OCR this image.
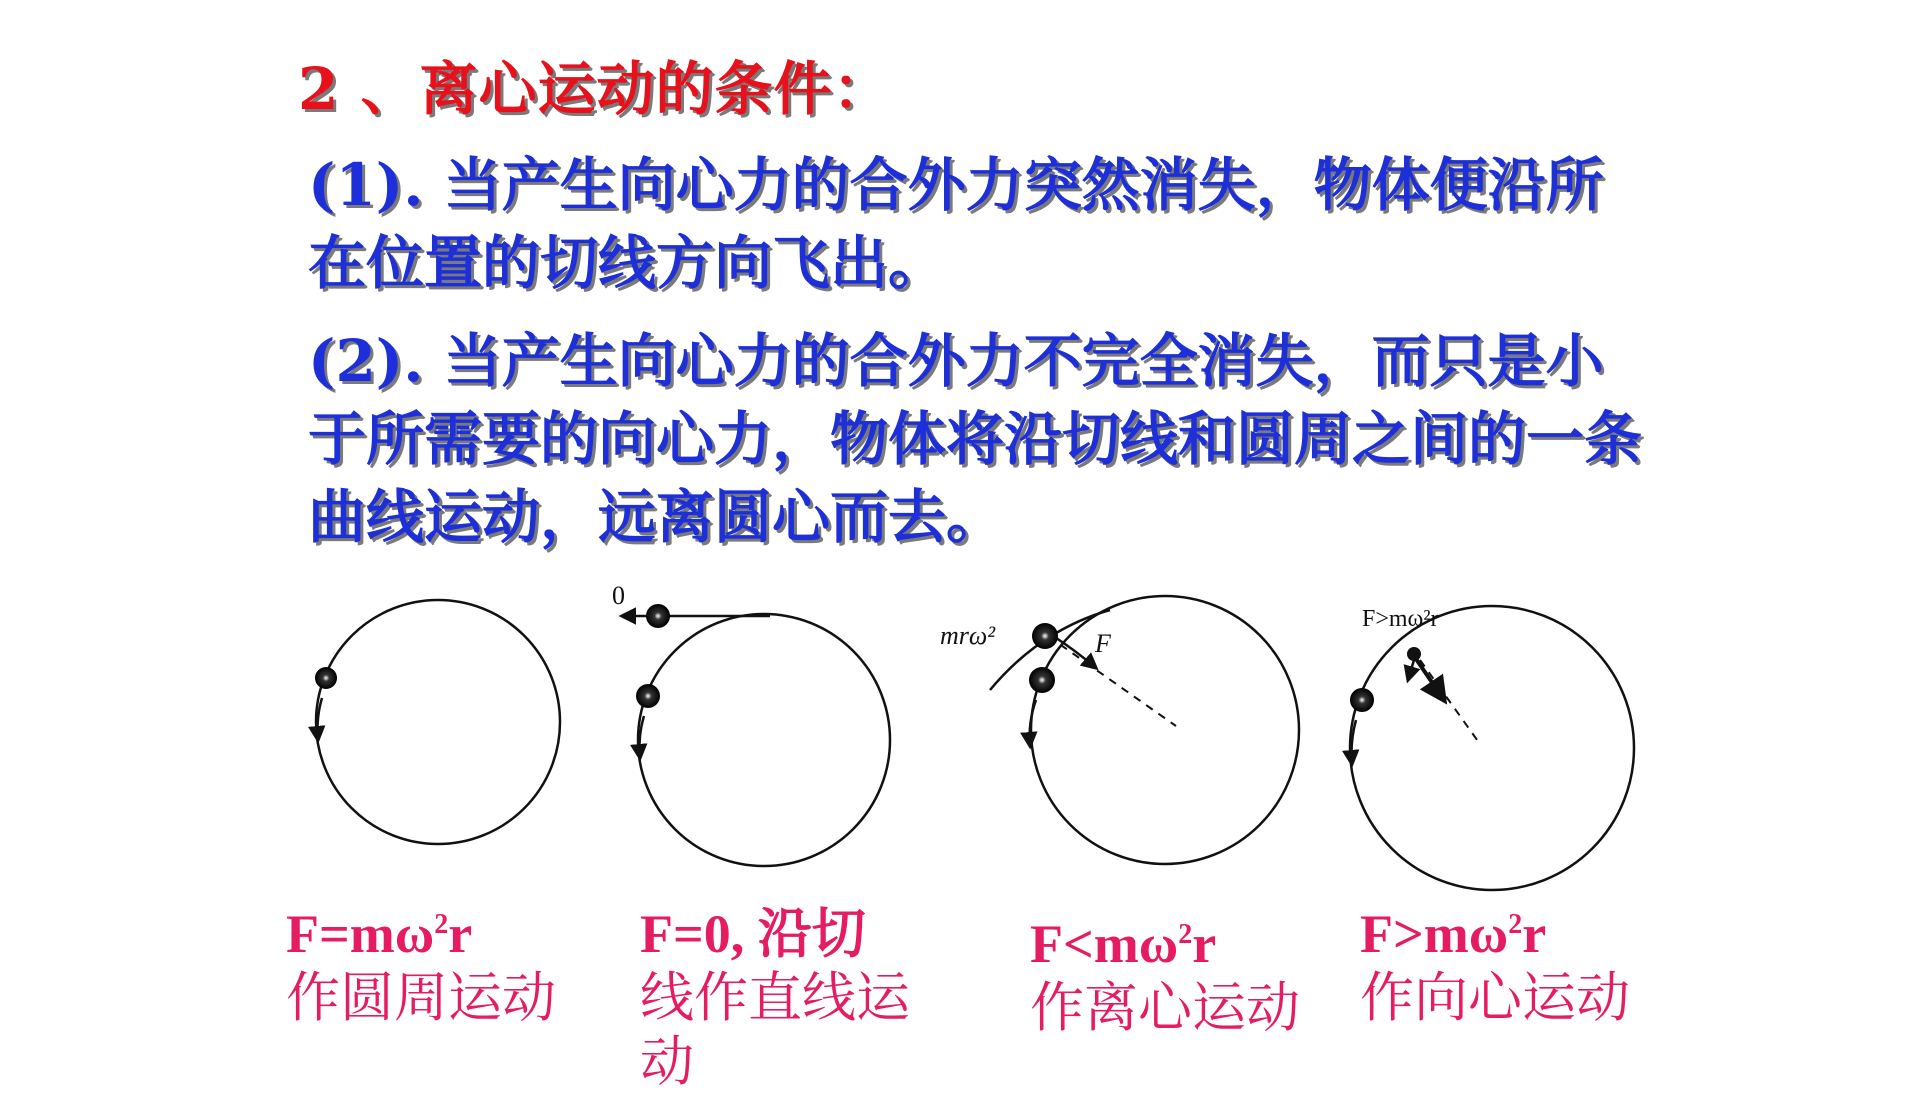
2 、离心运动的条件：
(1). 当产生向心力的合外力突然消失，物体便沿所在位置的切线方向飞出。
(2). 当产生向心力的合外力不完全消失，而只是小于所需要的向心力，物体将沿切线和圆周之间的一条曲线运动，远离圆心而去。
0
mrω²	F
F>mω²r
$F=m\omega^2r$
作圆周运动
F=0, 沿切
线作直线运
动
$F<m\omega^2r$
作离心运动
$F>m\omega^2r$
作向心运动
